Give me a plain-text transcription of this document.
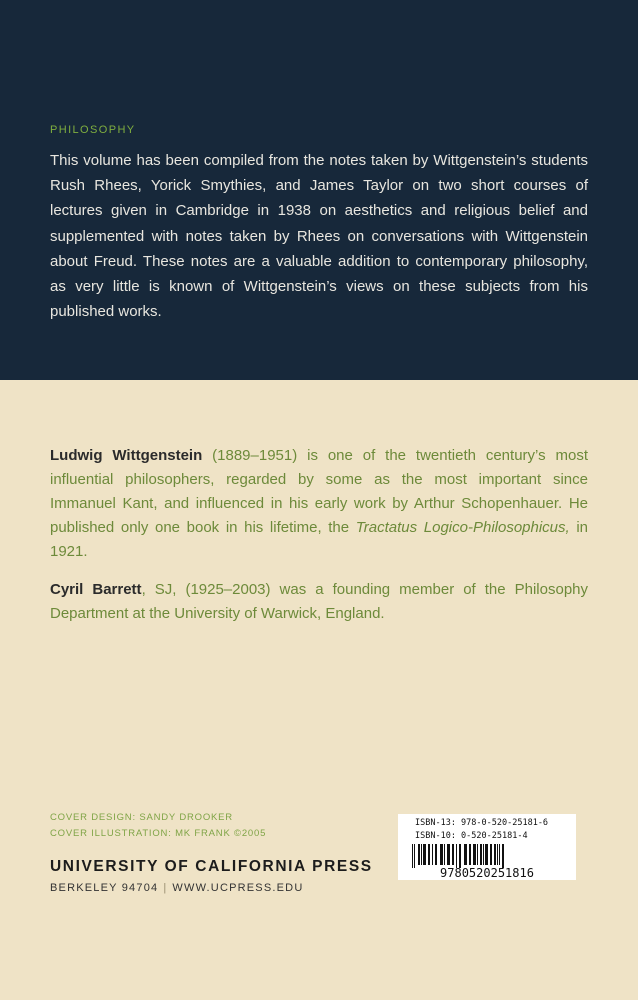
PHILOSOPHY

This volume has been compiled from the notes taken by Wittgenstein’s students Rush Rhees, Yorick Smythies, and James Taylor on two short courses of lectures given in Cambridge in 1938 on aesthetics and religious belief and supplemented with notes taken by Rhees on conversations with Wittgenstein about Freud. These notes are a valuable addition to contemporary philosophy, as very little is known of Wittgenstein’s views on these subjects from his published works.

Ludwig Wittgenstein (1889–1951) is one of the twentieth century’s most influential philosophers, regarded by some as the most important since Immanuel Kant, and influenced in his early work by Arthur Schopenhauer. He published only one book in his lifetime, the Tractatus Logico-Philosophicus, in 1921.

Cyril Barrett, SJ, (1925–2003) was a founding member of the Philosophy Department at the University of Warwick, England.

COVER DESIGN: SANDY DROOKER
COVER ILLUSTRATION: MK FRANK ©2005
UNIVERSITY OF CALIFORNIA PRESS
BERKELEY 94704 | WWW.UCPRESS.EDU
ISBN-13: 978-0-520-25181-6
ISBN-10: 0-520-25181-4
9780520251816
